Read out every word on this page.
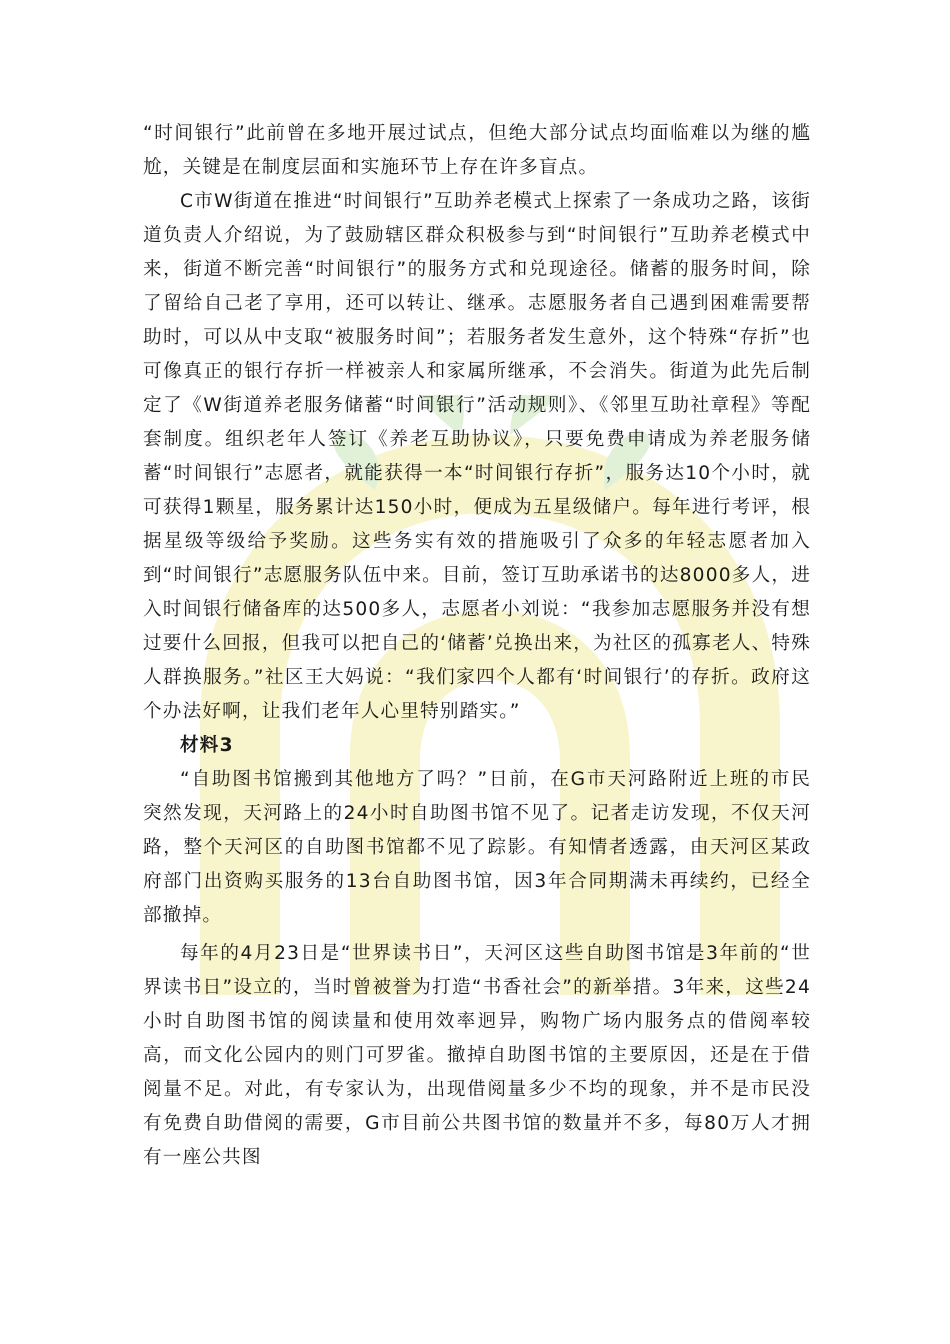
“时间银行”此前曾在多地开展过试点，但绝大部分试点均面临难以为继的尴尬，关键是在制度层面和实施环节上存在许多盲点。

C市W街道在推进“时间银行”互助养老模式上探索了一条成功之路，该街道负责人介绍说，为了鼓励辖区群众积极参与到“时间银行”互助养老模式中来，街道不断完善“时间银行”的服务方式和兑现途径。储蓄的服务时间，除了留给自己老了享用，还可以转让、继承。志愿服务者自己遇到困难需要帮助时，可以从中支取“被服务时间”；若服务者发生意外，这个特殊“存折”也可像真正的银行存折一样被亲人和家属所继承，不会消失。街道为此先后制定了《W街道养老服务储蓄“时间银行”活动规则》、《邻里互助社章程》等配套制度。组织老年人签订《养老互助协议》，只要免费申请成为养老服务储蓄“时间银行”志愿者，就能获得一本“时间银行存折”，服务达10个小时，就可获得1颗星，服务累计达150小时，便成为五星级储户。每年进行考评，根据星级等级给予奖励。这些务实有效的措施吸引了众多的年轻志愿者加入到“时间银行”志愿服务队伍中来。目前，签订互助承诺书的达8000多人，进入时间银行储备库的达500多人，志愿者小刘说：“我参加志愿服务并没有想过要什么回报，但我可以把自己的‘储蓄’兑换出来，为社区的孤寡老人、特殊人群换服务。”社区王大妈说：“我们家四个人都有‘时间银行’的存折。政府这个办法好啊，让我们老年人心里特别踏实。”

材料3

“自助图书馆搬到其他地方了吗？”日前，在G市天河路附近上班的市民突然发现，天河路上的24小时自助图书馆不见了。记者走访发现，不仅天河路，整个天河区的自助图书馆都不见了踪影。有知情者透露，由天河区某政府部门出资购买服务的13台自助图书馆，因3年合同期满未再续约，已经全部撤掉。

每年的4月23日是“世界读书日”，天河区这些自助图书馆是3年前的“世界读书日”设立的，当时曾被誉为打造“书香社会”的新举措。3年来，这些24小时自助图书馆的阅读量和使用效率迥异，购物广场内服务点的借阅率较高，而文化公园内的则门可罗雀。撤掉自助图书馆的主要原因，还是在于借阅量不足。对此，有专家认为，出现借阅量多少不均的现象，并不是市民没有免费自助借阅的需要，G市目前公共图书馆的数量并不多，每80万人才拥有一座公共图
